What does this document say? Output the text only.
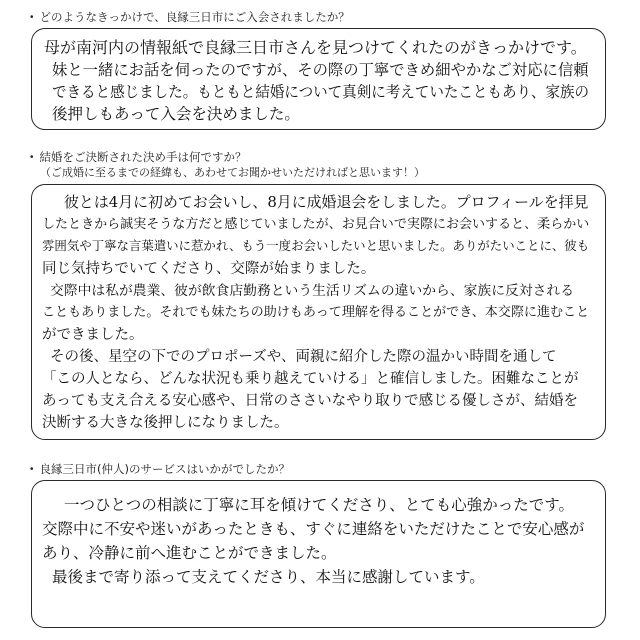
・ どのようなきっかけで、良縁三日市にご入会されましたか？
母が南河内の情報紙で良縁三日市さんを見つけてくれたのがきっかけです。
妹と一緒にお話を伺ったのですが、その際の丁寧できめ細やかなご対応に信頼
できると感じました。もともと結婚について真剣に考えていたこともあり、家族の
後押しもあって入会を決めました。
・ 結婚をご決断された決め手は何ですか？
（ご成婚に至るまでの経緯も、あわせてお聞かせいただければと思います！）
彼とは4月に初めてお会いし、8月に成婚退会をしました。プロフィールを拝見
したときから誠実そうな方だと感じていましたが、お見合いで実際にお会いすると、柔らかい
雰囲気や丁寧な言葉遣いに惹かれ、もう一度お会いしたいと思いました。ありがたいことに、彼も
同じ気持ちでいてくださり、交際が始まりました。
交際中は私が農業、彼が飲食店勤務という生活リズムの違いから、家族に反対される
こともありました。それでも妹たちの助けもあって理解を得ることができ、本交際に進むこと
ができました。
その後、星空の下でのプロポーズや、両親に紹介した際の温かい時間を通して
「この人となら、どんな状況も乗り越えていける」と確信しました。困難なことが
あっても支え合える安心感や、日常のささいなやり取りで感じる優しさが、結婚を
決断する大きな後押しになりました。
・ 良縁三日市(仲人)のサービスはいかがでしたか？
一つひとつの相談に丁寧に耳を傾けてくださり、とても心強かったです。
交際中に不安や迷いがあったときも、すぐに連絡をいただけたことで安心感が
あり、冷静に前へ進むことができました。
最後まで寄り添って支えてくださり、本当に感謝しています。
